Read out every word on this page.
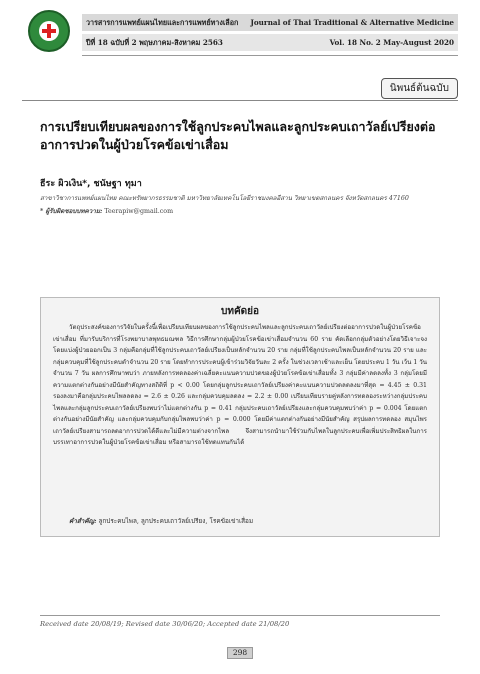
วารสารการแพทย์แผนไทยและการแพทย์ทางเลือก Journal of Thai Traditional & Alternative Medicine
ปีที่ 18 ฉบับที่ 2 พฤษภาคม-สิงหาคม 2563	Vol. 18 No. 2 May-August 2020
นิพนธ์ต้นฉบับ
การเปรียบเทียบผลของการใช้ลูกประคบไพลและลูกประคบเถาวัลย์เปรียงต่ออาการปวดในผู้ป่วยโรคข้อเข่าเสื่อม
ธีระ ผิวเงิน*, ชนัษฐา ทุมา
สาขาวิชาการแพทย์แผนไทย คณะทรัพยากรธรรมชาติ มหาวิทยาลัยเทคโนโลยีราชมงคลอีสาน วิทยาเขตสกลนคร จังหวัดสกลนคร 47160
* ผู้รับผิดชอบบทความ: Teerapiw@gmail.com
บทคัดย่อ
วัตถุประสงค์ของการวิจัยในครั้งนี้เพื่อเปรียบเทียบผลของการใช้ลูกประคบไพลและลูกประคบเถาวัลย์เปรียงต่ออาการปวดในผู้ป่วยโรคข้อเข่าเสื่อม ที่มารับบริการที่โรงพยาบาลพุทธมณฑล วิธีการศึกษากลุ่มผู้ป่วยโรคข้อเข่าเสื่อมจำนวน 60 ราย คัดเลือกกลุ่มตัวอย่างโดยวิธีเจาะจงโดยแบ่งผู้ป่วยออกเป็น 3 กลุ่มคือกลุ่มที่ใช้ลูกประคบเถาวัลย์เปรียงเป็นหลักจำนวน 20 ราย กลุ่มที่ใช้ลูกประคบไพลเป็นหลักจำนวน 20 ราย และกลุ่มควบคุมที่ใช้ลูกประคบตำจำนวน 20 ราย โดยทำการประคบผู้เข้าร่วมวิจัยวันละ 2 ครั้ง ในช่วงเวลาเช้าและเย็น โดยประคบ 1 วัน เว้น 1 วัน จำนวน 7 วัน ผลการศึกษาพบว่า ภายหลังการทดลองค่าเฉลี่ยคะแนนความปวดของผู้ป่วยโรคข้อเข่าเสื่อมทั้ง 3 กลุ่มมีค่าลดลงทั้ง 3 กลุ่มโดยมีความแตกต่างกันอย่างมีนัยสำคัญทางสถิติที่ p < 0.00 โดยกลุ่มลูกประคบเถาวัลย์เปรียงค่าคะแนนความปวดลดลงมาที่สุด = 4.45 ± 0.31 รองลงมาคือกลุ่มประคบไพลลดลง = 2.6 ± 0.26 และกลุ่มควบคุมลดลง = 2.2 ± 0.00 เปรียบเทียบรายคู่หลังการทดลองระหว่างกลุ่มประคบไพลและกลุ่มลูกประคบเถาวัลย์เปรียงพบว่าไม่แตกต่างกัน p = 0.41 กลุ่มประคบเถาวัลย์เปรียงและกลุ่มควบคุมพบว่าค่า p = 0.004 โดยแตกต่างกันอย่างมีนัยสำคัญ และกลุ่มควบคุมกับกลุ่มไพลพบว่าค่า p = 0.000 โดยมีค่าแตกต่างกันอย่างมีนัยสำคัญ สรุปผลการทดลอง สมุนไพรเถาวัลย์เปรียงสามารถลดอาการปวดได้ดีและไม่มีความต่างจากไพล จึงสามารถนำมาใช้ร่วมกับไพลในลูกประคบเพื่อเพิ่มประสิทธิผลในการบรรเทาอาการปวดในผู้ป่วยโรคข้อเข่าเสื่อม หรือสามารถใช้ทดแทนกันได้
คำสำคัญ: ลูกประคบไพล, ลูกประคบเถาวัลย์เปรียง, โรคข้อเข่าเสื่อม
Received date 20/08/19; Revised date 30/06/20; Accepted date 21/08/20
298
